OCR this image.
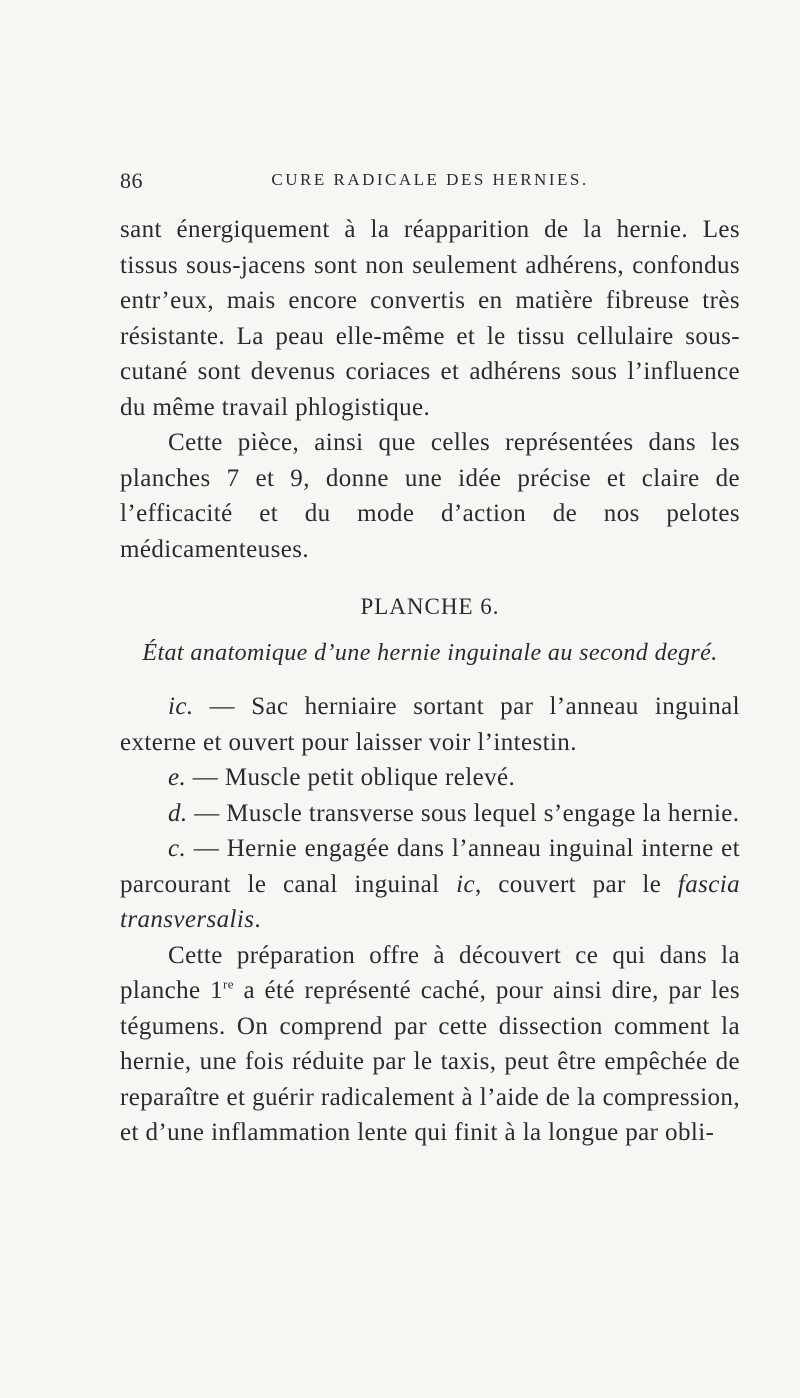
86	CURE RADICALE DES HERNIES.

sant énergiquement à la réapparition de la hernie. Les tissus sous-jacens sont non seulement adhérens, confondus entr’eux, mais encore convertis en matière fibreuse très résistante. La peau elle-même et le tissu cellulaire sous-cutané sont devenus coriaces et adhérens sous l’influence du même travail phlogistique.

Cette pièce, ainsi que celles représentées dans les planches 7 et 9, donne une idée précise et claire de l’efficacité et du mode d’action de nos pelotes médicamenteuses.

PLANCHE 6.
État anatomique d’une hernie inguinale au second degré.

ic. — Sac herniaire sortant par l’anneau inguinal externe et ouvert pour laisser voir l’intestin.

e. — Muscle petit oblique relevé.

d. — Muscle transverse sous lequel s’engage la hernie.

c. — Hernie engagée dans l’anneau inguinal interne et parcourant le canal inguinal ic, couvert par le fascia transversalis.

Cette préparation offre à découvert ce qui dans la planche 1re a été représenté caché, pour ainsi dire, par les tégumens. On comprend par cette dissection comment la hernie, une fois réduite par le taxis, peut être empêchée de reparaître et guérir radicalement à l’aide de la compression, et d’une inflammation lente qui finit à la longue par obli-
